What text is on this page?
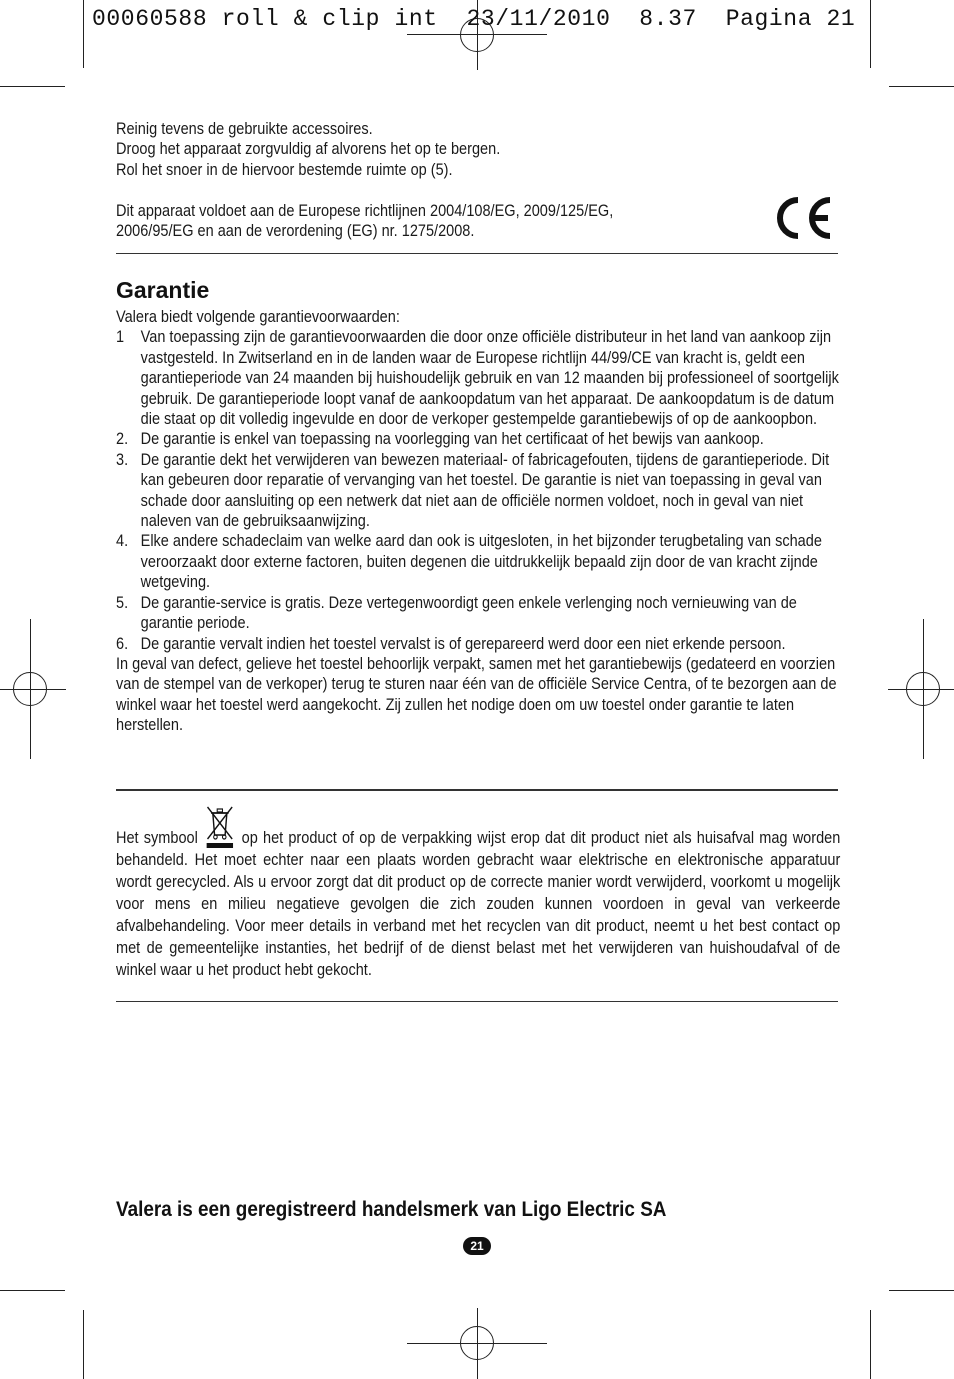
00060588 roll & clip int  23/11/2010  8.37  Pagina 21

Reinig tevens de gebruikte accessoires.

Droog het apparaat zorgvuldig af alvorens het op te bergen.

Rol het snoer in de hiervoor bestemde ruimte op (5).

Dit apparaat voldoet aan de Europese richtlijnen 2004/108/EG, 2009/125/EG,

2006/95/EG en aan de verordening (EG) nr. 1275/2008.

Garantie

Valera biedt volgende garantievoorwaarden:

1 Van toepassing zijn de garantievoorwaarden die door onze officiële distributeur in het land van aankoop zijn vastgesteld. In Zwitserland en in de landen waar de Europese richtlijn 44/99/CE van kracht is, geldt een garantieperiode van 24 maanden bij huishoudelijk gebruik en van 12 maanden bij professioneel of soortgelijk gebruik. De garantieperiode loopt vanaf de aankoopdatum van het apparaat. De aankoopdatum is de datum die staat op dit volledig ingevulde en door de verkoper gestempelde garantiebewijs of op de aankoopbon.
2. De garantie is enkel van toepassing na voorlegging van het certificaat of het bewijs van aankoop.
3. De garantie dekt het verwijderen van bewezen materiaal- of fabricagefouten, tijdens de garantieperiode. Dit kan gebeuren door reparatie of vervanging van het toestel. De garantie is niet van toepassing in geval van schade door aansluiting op een netwerk dat niet aan de officiële normen voldoet, noch in geval van niet naleven van de gebruiksaanwijzing.
4. Elke andere schadeclaim van welke aard dan ook is uitgesloten, in het bijzonder terugbetaling van schade veroorzaakt door externe factoren, buiten degenen die uitdrukkelijk bepaald zijn door de van kracht zijnde wetgeving.
5. De garantie-service is gratis. Deze vertegenwoordigt geen enkele verlenging noch vernieuwing van de garantie periode.
6. De garantie vervalt indien het toestel vervalst is of gerepareerd werd door een niet erkende persoon.

In geval van defect, gelieve het toestel behoorlijk verpakt, samen met het garantiebewijs (gedateerd en voorzien van de stempel van de verkoper) terug te sturen naar één van de officiële Service Centra, of te bezorgen aan de winkel waar het toestel werd aangekocht. Zij zullen het nodige doen om uw toestel onder garantie te laten herstellen.

Het symbool	op het product of op de verpakking wijst erop dat dit product niet als huisafval mag worden behandeld. Het moet echter naar een plaats worden gebracht waar elektrische en elektronische apparatuur wordt gerecycled. Als u ervoor zorgt dat dit product op de correcte manier wordt verwijderd, voorkomt u mogelijk voor mens en milieu negatieve gevolgen die zich zouden kunnen voordoen in geval van verkeerde afvalbehandeling. Voor meer details in verband met het recyclen van dit product, neemt u het best contact op met de gemeentelijke instanties, het bedrijf of de dienst belast met het verwijderen van huishoudafval of de winkel waar u het product hebt gekocht.

Valera is een geregistreerd handelsmerk van Ligo Electric SA

21
